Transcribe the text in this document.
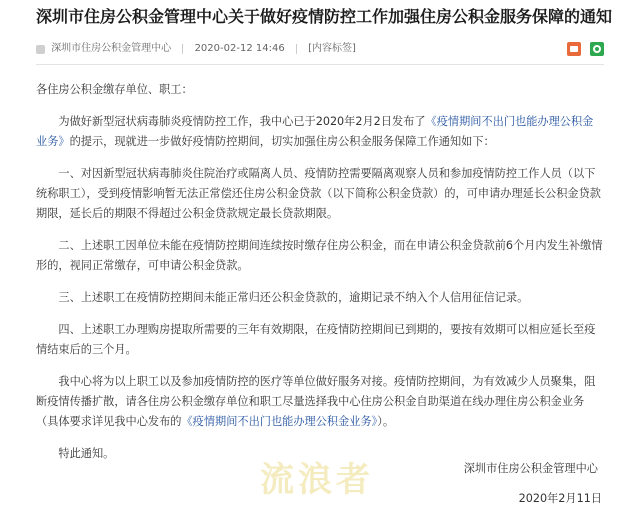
深圳市住房公积金管理中心关于做好疫情防控工作加强住房公积金服务保障的通知
深圳市住房公积金管理中心 2020-02-12 14:46 [内容标签]

各住房公积金缴存单位、职工：

为做好新型冠状病毒肺炎疫情防控工作，我中心已于2020年2月2日发布了《疫情期间不出门也能办理公积金业务》的提示，现就进一步做好疫情防控期间，切实加强住房公积金服务保障工作通知如下：

一、对因新型冠状病毒肺炎住院治疗或隔离人员、疫情防控需要隔离观察人员和参加疫情防控工作人员（以下统称职工），受到疫情影响暂无法正常偿还住房公积金贷款（以下简称公积金贷款）的，可申请办理延长公积金贷款期限，延长后的期限不得超过公积金贷款规定最长贷款期限。

二、上述职工因单位未能在疫情防控期间连续按时缴存住房公积金，而在申请公积金贷款前6个月内发生补缴情形的，视同正常缴存，可申请公积金贷款。

三、上述职工在疫情防控期间未能正常归还公积金贷款的，逾期记录不纳入个人信用征信记录。

四、上述职工办理购房提取所需要的三年有效期限，在疫情防控期间已到期的，要按有效期可以相应延长至疫情结束后的三个月。

我中心将为以上职工以及参加疫情防控的医疗等单位做好服务对接。疫情防控期间，为有效减少人员聚集，阻断疫情传播扩散，请各住房公积金缴存单位和职工尽量选择我中心住房公积金自助渠道在线办理住房公积金业务（具体要求详见我中心发布的《疫情期间不出门也能办理公积金业务》）。

特此通知。

流浪者	深圳市住房公积金管理中心
2020年2月11日
